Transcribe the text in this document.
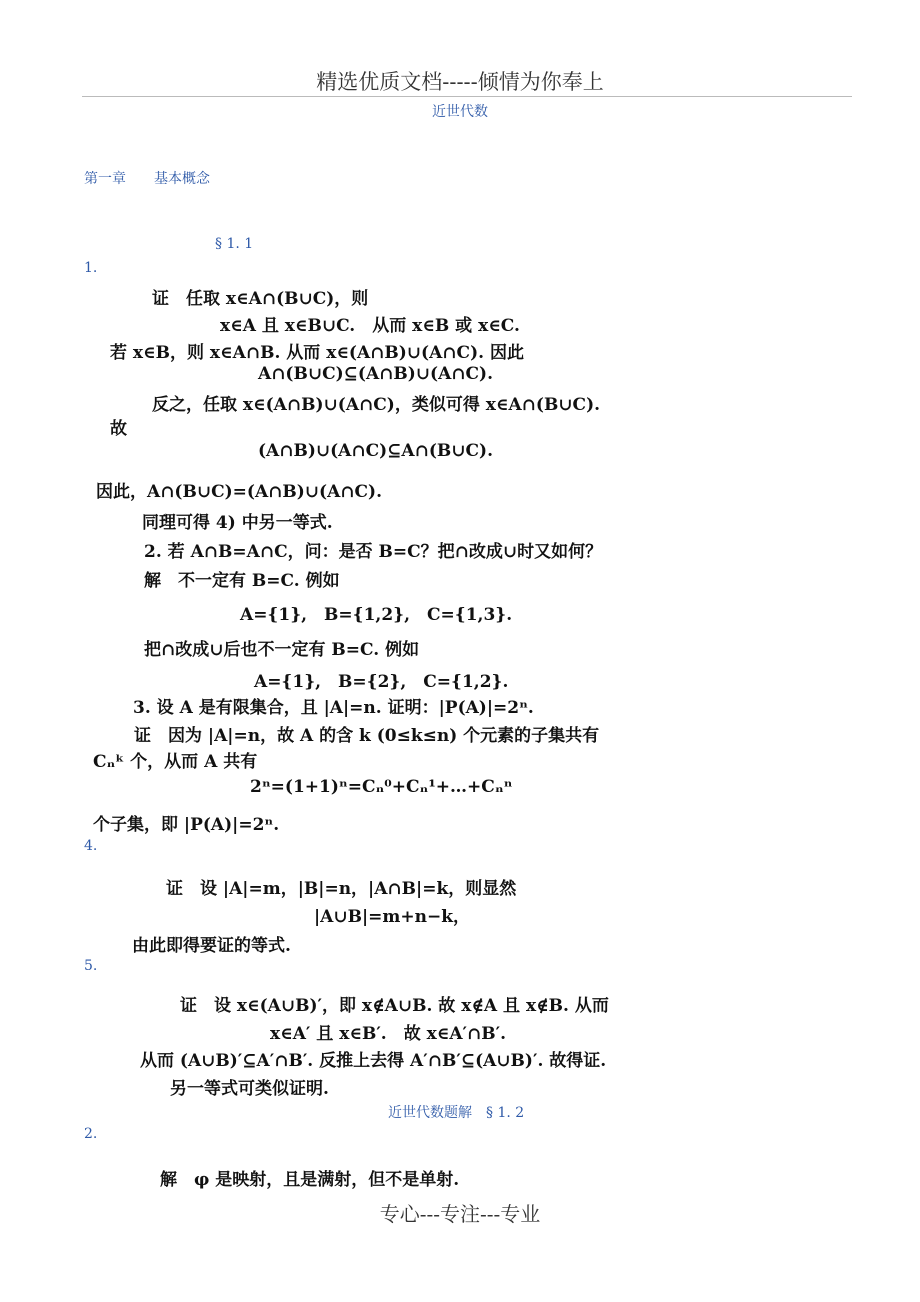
精选优质文档-----倾情为你奉上
近世代数
第一章　　基本概念
§ 1. 1
1.
证　任取 x∈A∩(B∪C)，则
x∈A 且 x∈B∪C.　从而 x∈B 或 x∈C.
若 x∈B，则 x∈A∩B. 从而 x∈(A∩B)∪(A∩C). 因此
A∩(B∪C)⊆(A∩B)∪(A∩C).
反之，任取 x∈(A∩B)∪(A∩C)，类似可得 x∈A∩(B∪C).
故
(A∩B)∪(A∩C)⊆A∩(B∪C).
因此，A∩(B∪C)=(A∩B)∪(A∩C).
同理可得 4) 中另一等式.
2. 若 A∩B=A∩C，问：是否 B=C？把∩改成∪时又如何？
解　不一定有 B=C. 例如
A={1},　B={1,2},　C={1,3}.
把∩改成∪后也不一定有 B=C. 例如
A={1},　B={2},　C={1,2}.
3. 设 A 是有限集合，且 |A|=n. 证明：|P(A)|=2ⁿ.
证　因为 |A|=n，故 A 的含 k (0≤k≤n) 个元素的子集共有
Cₙᵏ 个，从而 A 共有
2ⁿ=(1+1)ⁿ=Cₙ⁰+Cₙ¹+…+Cₙⁿ
个子集，即 |P(A)|=2ⁿ.
4.
证　设 |A|=m，|B|=n，|A∩B|=k，则显然
|A∪B|=m+n−k，
由此即得要证的等式.
5.
证　设 x∈(A∪B)′，即 x∉A∪B. 故 x∉A 且 x∉B. 从而
x∈A′ 且 x∈B′.　故 x∈A′∩B′.
从而 (A∪B)′⊆A′∩B′. 反推上去得 A′∩B′⊆(A∪B)′. 故得证.
另一等式可类似证明.
近世代数题解　§ 1. 2
2.
解　φ 是映射，且是满射，但不是单射.
专心---专注---专业
